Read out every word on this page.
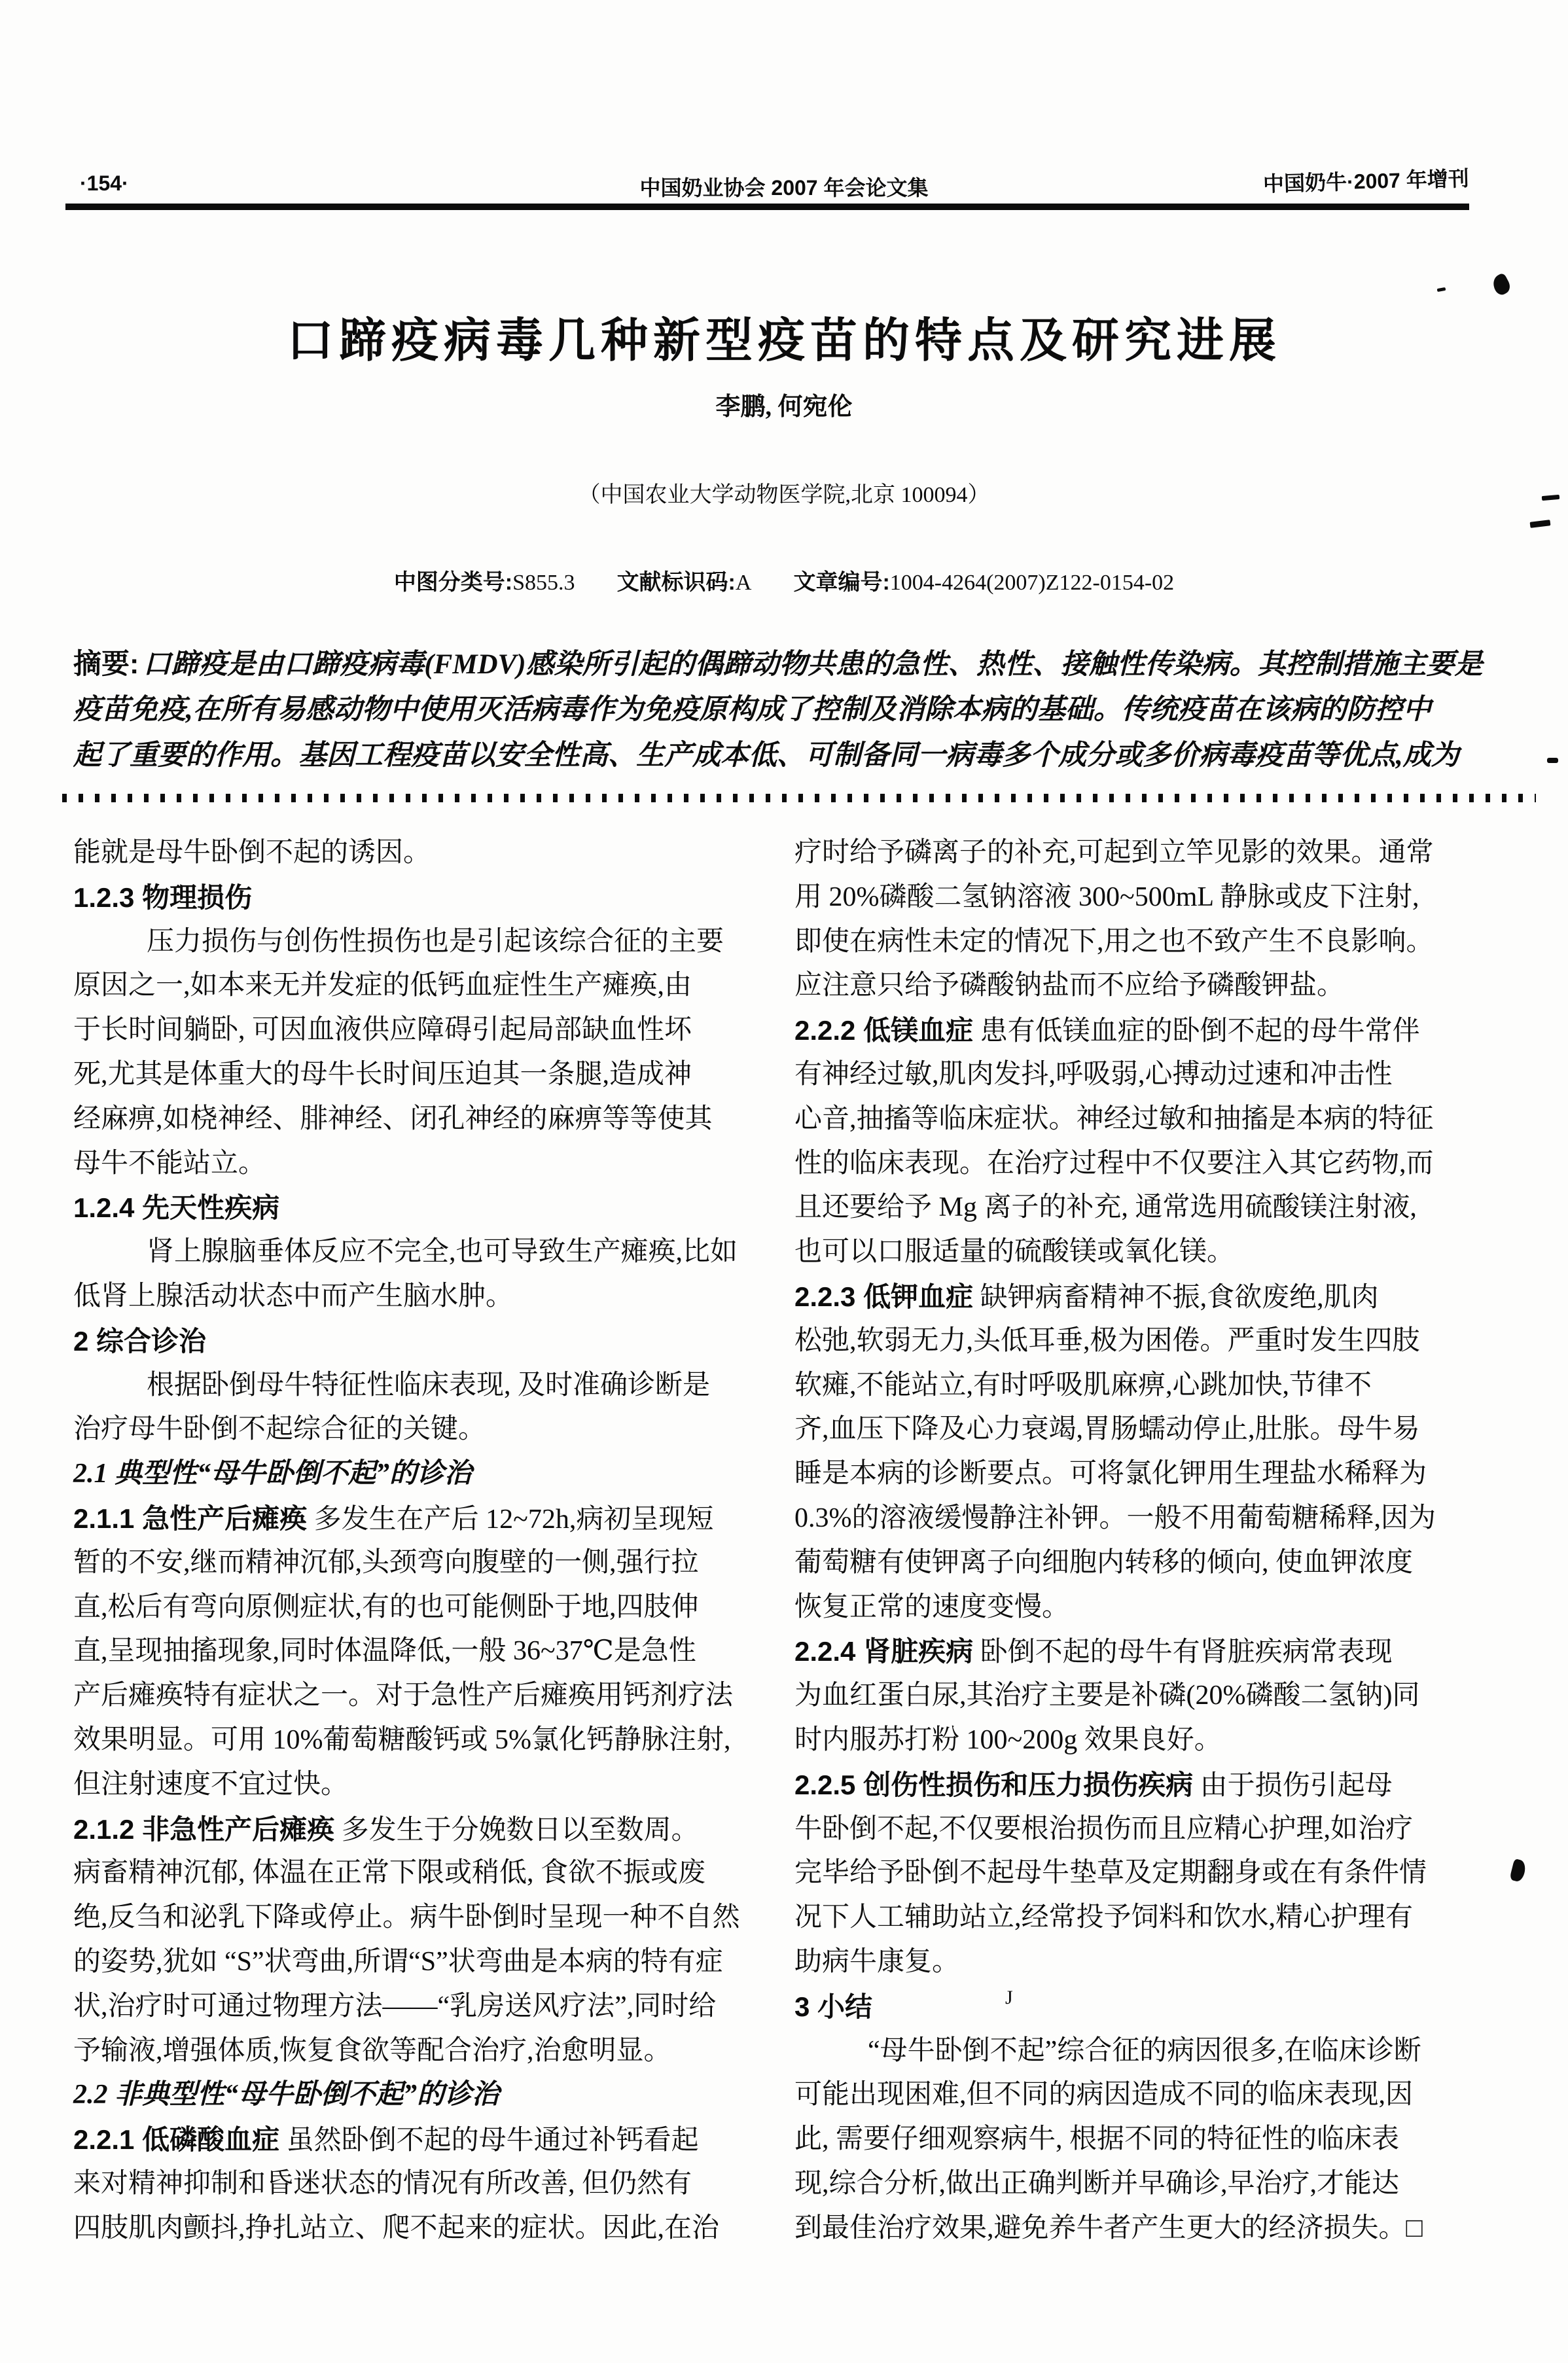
·154·	中国奶业协会 2007 年会论文集	中国奶牛·2007 年增刊
口蹄疫病毒几种新型疫苗的特点及研究进展
李鹏, 何宛伦
（中国农业大学动物医学院,北京 100094）
中图分类号:S855.3 文献标识码:A 文章编号:1004-4264(2007)Z122-0154-02
摘要: 口蹄疫是由口蹄疫病毒(FMDV)感染所引起的偶蹄动物共患的急性、热性、接触性传染病。其控制措施主要是
疫苗免疫,在所有易感动物中使用灭活病毒作为免疫原构成了控制及消除本病的基础。传统疫苗在该病的防控中
起了重要的作用。基因工程疫苗以安全性高、生产成本低、可制备同一病毒多个成分或多价病毒疫苗等优点,成为
能就是母牛卧倒不起的诱因。
1.2.3 物理损伤
压力损伤与创伤性损伤也是引起该综合征的主要
原因之一,如本来无并发症的低钙血症性生产瘫痪,由
于长时间躺卧, 可因血液供应障碍引起局部缺血性坏
死,尤其是体重大的母牛长时间压迫其一条腿,造成神
经麻痹,如桡神经、腓神经、闭孔神经的麻痹等等使其
母牛不能站立。
1.2.4 先天性疾病
肾上腺脑垂体反应不完全,也可导致生产瘫痪,比如
低肾上腺活动状态中而产生脑水肿。
2 综合诊治
根据卧倒母牛特征性临床表现, 及时准确诊断是
治疗母牛卧倒不起综合征的关键。
2.1 典型性“母牛卧倒不起”的诊治
2.1.1 急性产后瘫痪 多发生在产后 12~72h,病初呈现短
暂的不安,继而精神沉郁,头颈弯向腹壁的一侧,强行拉
直,松后有弯向原侧症状,有的也可能侧卧于地,四肢伸
直,呈现抽搐现象,同时体温降低,一般 36~37℃是急性
产后瘫痪特有症状之一。对于急性产后瘫痪用钙剂疗法
效果明显。可用 10%葡萄糖酸钙或 5%氯化钙静脉注射,
但注射速度不宜过快。
2.1.2 非急性产后瘫痪 多发生于分娩数日以至数周。
病畜精神沉郁, 体温在正常下限或稍低, 食欲不振或废
绝,反刍和泌乳下降或停止。病牛卧倒时呈现一种不自然
的姿势,犹如 “S”状弯曲,所谓“S”状弯曲是本病的特有症
状,治疗时可通过物理方法——“乳房送风疗法”,同时给
予输液,增强体质,恢复食欲等配合治疗,治愈明显。
2.2 非典型性“母牛卧倒不起”的诊治
2.2.1 低磷酸血症 虽然卧倒不起的母牛通过补钙看起
来对精神抑制和昏迷状态的情况有所改善, 但仍然有
四肢肌肉颤抖,挣扎站立、爬不起来的症状。因此,在治
疗时给予磷离子的补充,可起到立竿见影的效果。通常
用 20%磷酸二氢钠溶液 300~500mL 静脉或皮下注射,
即使在病性未定的情况下,用之也不致产生不良影响。
应注意只给予磷酸钠盐而不应给予磷酸钾盐。
2.2.2 低镁血症 患有低镁血症的卧倒不起的母牛常伴
有神经过敏,肌肉发抖,呼吸弱,心搏动过速和冲击性
心音,抽搐等临床症状。神经过敏和抽搐是本病的特征
性的临床表现。在治疗过程中不仅要注入其它药物,而
且还要给予 Mg 离子的补充, 通常选用硫酸镁注射液,
也可以口服适量的硫酸镁或氧化镁。
2.2.3 低钾血症 缺钾病畜精神不振,食欲废绝,肌肉
松弛,软弱无力,头低耳垂,极为困倦。严重时发生四肢
软瘫,不能站立,有时呼吸肌麻痹,心跳加快,节律不
齐,血压下降及心力衰竭,胃肠蠕动停止,肚胀。母牛易
睡是本病的诊断要点。可将氯化钾用生理盐水稀释为
0.3%的溶液缓慢静注补钾。一般不用葡萄糖稀释,因为
葡萄糖有使钾离子向细胞内转移的倾向, 使血钾浓度
恢复正常的速度变慢。
2.2.4 肾脏疾病 卧倒不起的母牛有肾脏疾病常表现
为血红蛋白尿,其治疗主要是补磷(20%磷酸二氢钠)同
时内服苏打粉 100~200g 效果良好。
2.2.5 创伤性损伤和压力损伤疾病 由于损伤引起母
牛卧倒不起,不仅要根治损伤而且应精心护理,如治疗
完毕给予卧倒不起母牛垫草及定期翻身或在有条件情
况下人工辅助站立,经常投予饲料和饮水,精心护理有
助病牛康复。
3 小结
“母牛卧倒不起”综合征的病因很多,在临床诊断
可能出现困难,但不同的病因造成不同的临床表现,因
此, 需要仔细观察病牛, 根据不同的特征性的临床表
现,综合分析,做出正确判断并早确诊,早治疗,才能达
到最佳治疗效果,避免养牛者产生更大的经济损失。□
J
